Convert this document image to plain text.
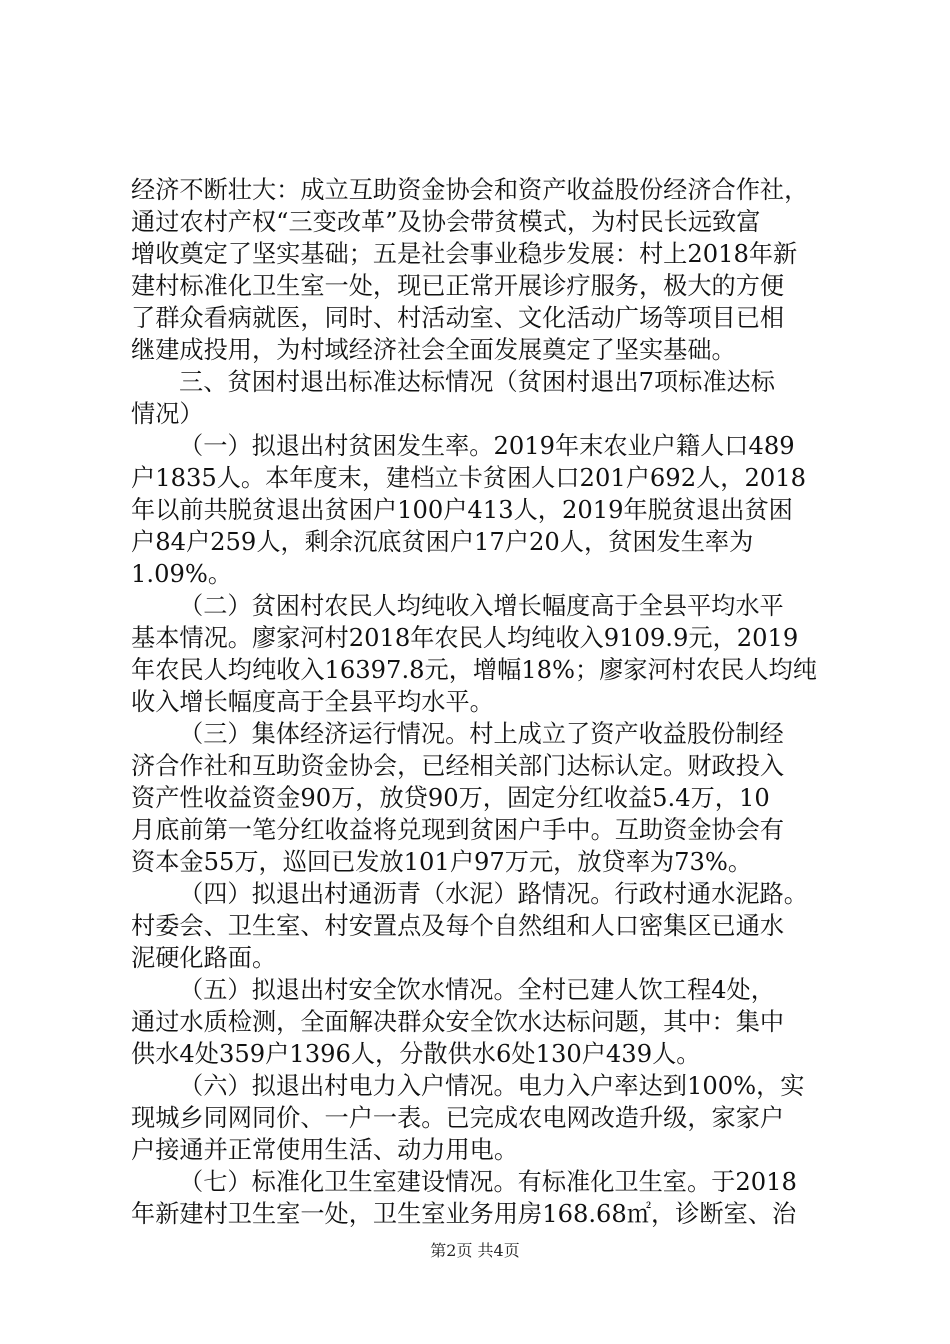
经济不断壮大：成立互助资金协会和资产收益股份经济合作社，
通过农村产权“三变改革”及协会带贫模式，为村民长远致富
增收奠定了坚实基础；五是社会事业稳步发展：村上2018年新
建村标准化卫生室一处，现已正常开展诊疗服务，极大的方便
了群众看病就医，同时、村活动室、文化活动广场等项目已相
继建成投用，为村域经济社会全面发展奠定了坚实基础。
三、贫困村退出标准达标情况（贫困村退出7项标准达标
情况）
（一）拟退出村贫困发生率。2019年末农业户籍人口489
户1835人。本年度末，建档立卡贫困人口201户692人，2018
年以前共脱贫退出贫困户100户413人，2019年脱贫退出贫困
户84户259人，剩余沉底贫困户17户20人，贫困发生率为
1.09%。
（二）贫困村农民人均纯收入增长幅度高于全县平均水平
基本情况。廖家河村2018年农民人均纯收入9109.9元，2019
年农民人均纯收入16397.8元，增幅18%；廖家河村农民人均纯
收入增长幅度高于全县平均水平。
（三）集体经济运行情况。村上成立了资产收益股份制经
济合作社和互助资金协会，已经相关部门达标认定。财政投入
资产性收益资金90万，放贷90万，固定分红收益5.4万，10
月底前第一笔分红收益将兑现到贫困户手中。互助资金协会有
资本金55万，巡回已发放101户97万元，放贷率为73%。
（四）拟退出村通沥青（水泥）路情况。行政村通水泥路。
村委会、卫生室、村安置点及每个自然组和人口密集区已通水
泥硬化路面。
（五）拟退出村安全饮水情况。全村已建人饮工程4处，
通过水质检测，全面解决群众安全饮水达标问题，其中：集中
供水4处359户1396人，分散供水6处130户439人。
（六）拟退出村电力入户情况。电力入户率达到100%，实
现城乡同网同价、一户一表。已完成农电网改造升级，家家户
户接通并正常使用生活、动力用电。
（七）标准化卫生室建设情况。有标准化卫生室。于2018
年新建村卫生室一处，卫生室业务用房168.68㎡，诊断室、治
第2页 共4页
